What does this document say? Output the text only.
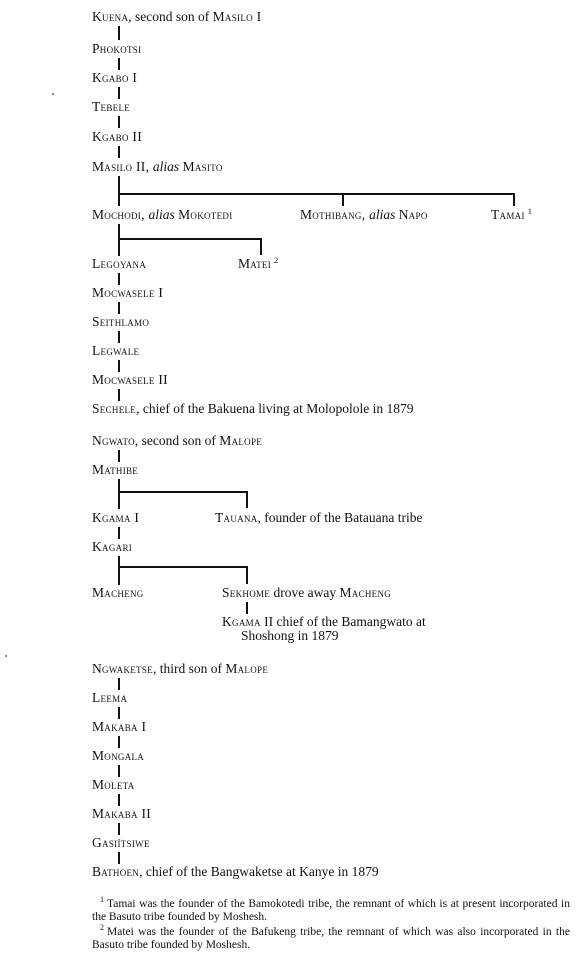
Kuena, second son of Masilo I
Phokotsi
Kgabo I
Tebele
Kgabo II
Masilo II, alias Masito
Mochodi, alias Mokotedi	Mothibang, alias Napo	Tamai $^1$
Legoyana	Matei $^2$
Mocwasele I
Seithlamo
Legwale
Mocwasele II
Sechele, chief of the Bakuena living at Molopolole in 1879
Ngwato, second son of Malope
Mathibe
Kgama I	Tauana, founder of the Batauana tribe
Kagari
Macheng	Sekhome drove away Macheng
Kgama II chief of the Bamangwato at
Shoshong in 1879
Ngwaketse, third son of Malope
Leema
Makaba I
Mongala
Moleta
Makaba II
Gasiïtsiwe
Bathoen, chief of the Bangwaketse at Kanye in 1879
$^1$ Tamai was the founder of the Bamokotedi tribe, the remnant of which is at present incorporated in the Basuto tribe founded by Moshesh.
$^2$ Matei was the founder of the Bafukeng tribe, the remnant of which was also incorporated in the Basuto tribe founded by Moshesh.
